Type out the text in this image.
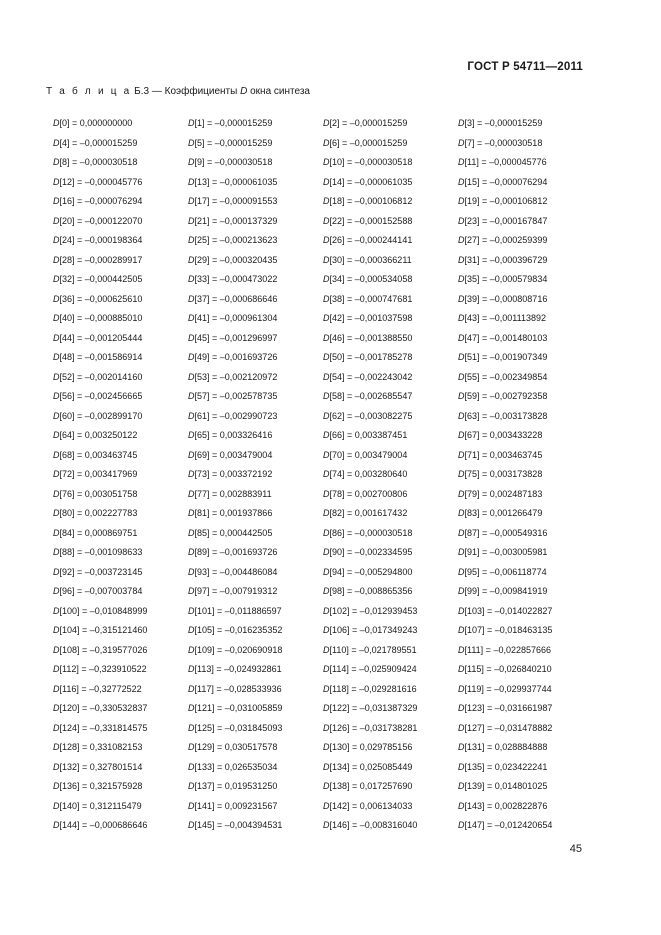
ГОСТ Р 54711—2011
Т а б л и ц а Б.3 — Коэффициенты D окна синтеза
D[0] = 0,000000000	D[1] = –0,000015259	D[2] = –0,000015259	D[3] = –0,000015259
D[4] = –0,000015259	D[5] = –0,000015259	D[6] = –0,000015259	D[7] = –0,000030518
D[8] = –0,000030518	D[9] = –0,000030518	D[10] = –0,000030518	D[11] = –0,000045776
D[12] = –0,000045776	D[13] = –0,000061035	D[14] = –0,000061035	D[15] = –0,000076294
D[16] = –0,000076294	D[17] = –0,000091553	D[18] = –0,000106812	D[19] = –0,000106812
D[20] = –0,000122070	D[21] = –0,000137329	D[22] = –0,000152588	D[23] = –0,000167847
D[24] = –0,000198364	D[25] = –0,000213623	D[26] = –0,000244141	D[27] = –0,000259399
D[28] = –0,000289917	D[29] = –0,000320435	D[30] = –0,000366211	D[31] = –0,000396729
D[32] = –0,000442505	D[33] = –0,000473022	D[34] = –0,000534058	D[35] = –0,000579834
D[36] = –0,000625610	D[37] = –0,000686646	D[38] = –0,000747681	D[39] = –0,000808716
D[40] = –0,000885010	D[41] = –0,000961304	D[42] = –0,001037598	D[43] = –0,001113892
D[44] = –0,001205444	D[45] = –0,001296997	D[46] = –0,001388550	D[47] = –0,001480103
D[48] = –0,001586914	D[49] = –0,001693726	D[50] = –0,001785278	D[51] = –0,001907349
D[52] = –0,002014160	D[53] = –0,002120972	D[54] = –0,002243042	D[55] = –0,002349854
D[56] = –0,002456665	D[57] = –0,002578735	D[58] = –0,002685547	D[59] = –0,002792358
D[60] = –0,002899170	D[61] = –0,002990723	D[62] = –0,003082275	D[63] = –0,003173828
D[64] = 0,003250122	D[65] = 0,003326416	D[66] = 0,003387451	D[67] = 0,003433228
D[68] = 0,003463745	D[69] = 0,003479004	D[70] = 0,003479004	D[71] = 0,003463745
D[72] = 0,003417969	D[73] = 0,003372192	D[74] = 0,003280640	D[75] = 0,003173828
D[76] = 0,003051758	D[77] = 0,002883911	D[78] = 0,002700806	D[79] = 0,002487183
D[80] = 0,002227783	D[81] = 0,001937866	D[82] = 0,001617432	D[83] = 0,001266479
D[84] = 0,000869751	D[85] = 0,000442505	D[86] = –0,000030518	D[87] = –0,000549316
D[88] = –0,001098633	D[89] = –0,001693726	D[90] = –0,002334595	D[91] = –0,003005981
D[92] = –0,003723145	D[93] = –0,004486084	D[94] = –0,005294800	D[95] = –0,006118774
D[96] = –0,007003784	D[97] = –0,007919312	D[98] = –0,008865356	D[99] = –0,009841919
D[100] = –0,010848999	D[101] = –0,011886597	D[102] = –0,012939453	D[103] = –0,014022827
D[104] = –0,315121460	D[105] = –0,016235352	D[106] = –0,017349243	D[107] = –0,018463135
D[108] = –0,319577026	D[109] = –0,020690918	D[110] = –0,021789551	D[111] = –0,022857666
D[112] = –0,323910522	D[113] = –0,024932861	D[114] = –0,025909424	D[115] = –0,026840210
D[116] = –0,32772522	D[117] = –0,028533936	D[118] = –0,029281616	D[119] = –0,029937744
D[120] = –0,330532837	D[121] = –0,031005859	D[122] = –0,031387329	D[123] = –0,031661987
D[124] = –0,331814575	D[125] = –0,031845093	D[126] = –0,031738281	D[127] = –0,031478882
D[128] = 0,331082153	D[129] = 0,030517578	D[130] = 0,029785156	D[131] = 0,028884888
D[132] = 0,327801514	D[133] = 0,026535034	D[134] = 0,025085449	D[135] = 0,023422241
D[136] = 0,321575928	D[137] = 0,019531250	D[138] = 0,017257690	D[139] = 0,014801025
D[140] = 0,312115479	D[141] = 0,009231567	D[142] = 0,006134033	D[143] = 0,002822876
D[144] = –0,000686646	D[145] = –0,004394531	D[146] = –0,008316040	D[147] = –0,012420654
45
